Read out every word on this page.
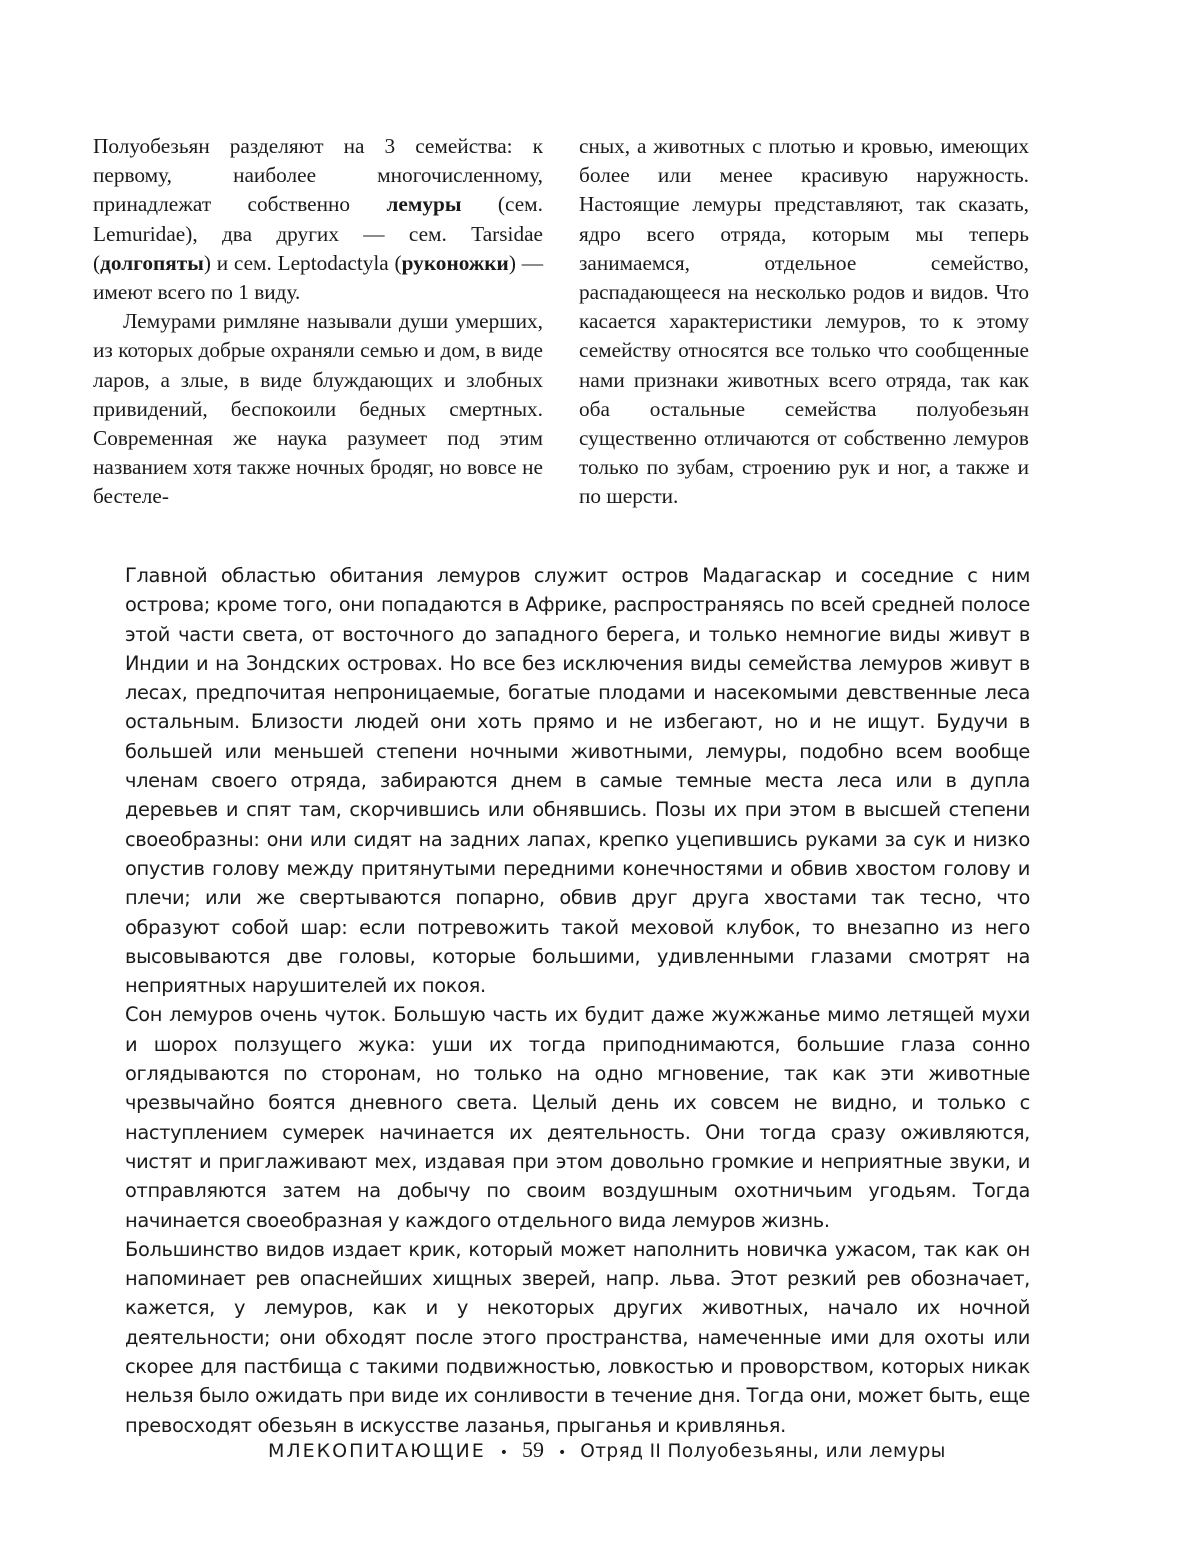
Полуобезьян разделяют на 3 семейства: к первому, наиболее многочисленному, принадлежат собственно лемуры (сем. Lemuridae), два других — сем. Tarsidae (долгопяты) и сем. Leptodactyla (руконожки) — имеют всего по 1 виду.

Лемурами римляне называли души умерших, из которых добрые охраняли семью и дом, в виде ларов, а злые, в виде блуждающих и злобных привидений, беспокоили бедных смертных. Современная же наука разумеет под этим названием хотя также ночных бродяг, но вовсе не бестеле-

сных, а животных с плотью и кровью, имеющих более или менее красивую наружность. Настоящие лемуры представляют, так сказать, ядро всего отряда, которым мы теперь занимаемся, отдельное семейство, распадающееся на несколько родов и видов. Что касается характеристики лемуров, то к этому семейству относятся все только что сообщенные нами признаки животных всего отряда, так как оба остальные семейства полуобезьян существенно отличаются от собственно лемуров только по зубам, строению рук и ног, а также и по шерсти.

Главной областью обитания лемуров служит остров Мадагаскар и соседние с ним острова; кроме того, они попадаются в Африке, распространяясь по всей средней полосе этой части света, от восточного до западного берега, и только немногие виды живут в Индии и на Зондских островах. Но все без исключения виды семейства лемуров живут в лесах, предпочитая непроницаемые, богатые плодами и насекомыми девственные леса остальным. Близости людей они хоть прямо и не избегают, но и не ищут. Будучи в большей или меньшей степени ночными животными, лемуры, подобно всем вообще членам своего отряда, забираются днем в самые темные места леса или в дупла деревьев и спят там, скорчившись или обнявшись. Позы их при этом в высшей степени своеобразны: они или сидят на задних лапах, крепко уцепившись руками за сук и низко опустив голову между притянутыми передними конечностями и обвив хвостом голову и плечи; или же свертываются попарно, обвив друг друга хвостами так тесно, что образуют собой шар: если потревожить такой меховой клубок, то внезапно из него высовываются две головы, которые большими, удивленными глазами смотрят на неприятных нарушителей их покоя.

Сон лемуров очень чуток. Большую часть их будит даже жужжанье мимо летящей мухи и шорох ползущего жука: уши их тогда приподнимаются, большие глаза сонно оглядываются по сторонам, но только на одно мгновение, так как эти животные чрезвычайно боятся дневного света. Целый день их совсем не видно, и только с наступлением сумерек начинается их деятельность. Они тогда сразу оживляются, чистят и приглаживают мех, издавая при этом довольно громкие и неприятные звуки, и отправляются затем на добычу по своим воздушным охотничьим угодьям. Тогда начинается своеобразная у каждого отдельного вида лемуров жизнь.

Большинство видов издает крик, который может наполнить новичка ужасом, так как он напоминает рев опаснейших хищных зверей, напр. льва. Этот резкий рев обозначает, кажется, у лемуров, как и у некоторых других животных, начало их ночной деятельности; они обходят после этого пространства, намеченные ими для охоты или скорее для пастбища с такими подвижностью, ловкостью и проворством, которых никак нельзя было ожидать при виде их сонливости в течение дня. Тогда они, может быть, еще превосходят обезьян в искусстве лазанья, прыганья и кривлянья.

МЛЕКОПИТАЮЩИЕ • 59 • Отряд II Полуобезьяны, или лемуры
